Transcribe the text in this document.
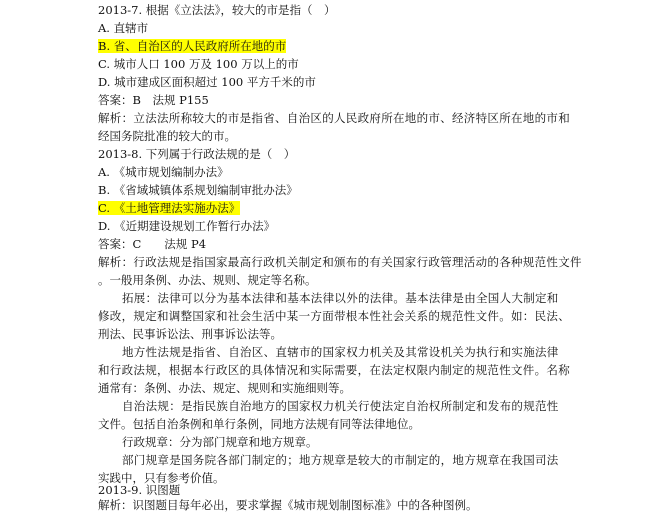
2013-7. 根据《立法法》，较大的市是指（　）
A. 直辖市
B. 省、自治区的人民政府所在地的市
C. 城市人口 100 万及 100 万以上的市
D. 城市建成区面积超过 100 平方千米的市
答案：B　法规 P155
解析：立法法所称较大的市是指省、自治区的人民政府所在地的市、经济特区所在地的市和
经国务院批准的较大的市。
2013-8. 下列属于行政法规的是（　）
A. 《城市规划编制办法》
B. 《省域城镇体系规划编制审批办法》
C. 《土地管理法实施办法》
D. 《近期建设规划工作暂行办法》
答案：C　　法规 P4
解析：行政法规是指国家最高行政机关制定和颁布的有关国家行政管理活动的各种规范性文件
。一般用条例、办法、规则、规定等名称。
拓展：法律可以分为基本法律和基本法律以外的法律。基本法律是由全国人大制定和
修改，规定和调整国家和社会生活中某一方面带根本性社会关系的规范性文件。如：民法、
刑法、民事诉讼法、刑事诉讼法等。
地方性法规是指省、自治区、直辖市的国家权力机关及其常设机关为执行和实施法律
和行政法规，根据本行政区的具体情况和实际需要，在法定权限内制定的规范性文件。名称
通常有：条例、办法、规定、规则和实施细则等。
自治法规：是指民族自治地方的国家权力机关行使法定自治权所制定和发布的规范性
文件。包括自治条例和单行条例，同地方法规有同等法律地位。
行政规章：分为部门规章和地方规章。
部门规章是国务院各部门制定的；地方规章是较大的市制定的，地方规章在我国司法
实践中，只有参考价值。
2013-9. 识图题
解析：识图题目每年必出，要求掌握《城市规划制图标准》中的各种图例。
